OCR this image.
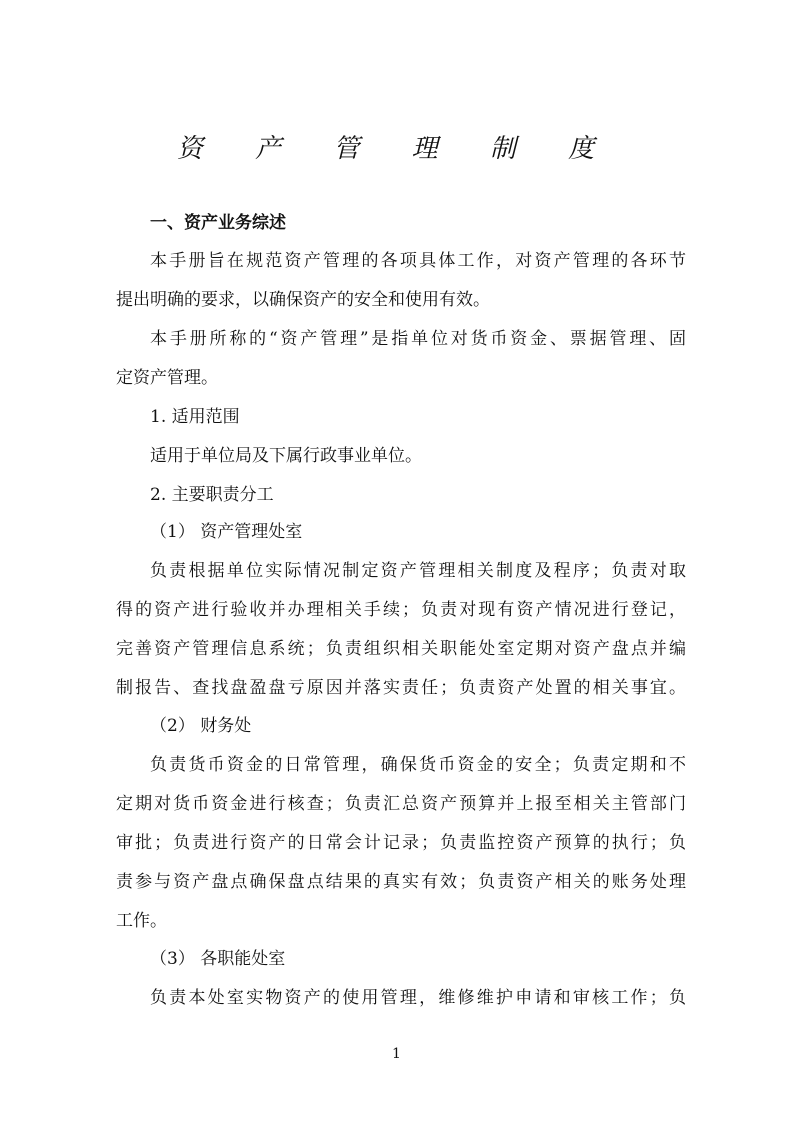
资 产 管 理 制 度
一、资产业务综述
本手册旨在规范资产管理的各项具体工作，对资产管理的各环节
提出明确的要求，以确保资产的安全和使用有效。
本手册所称的“资产管理”是指单位对货币资金、票据管理、固
定资产管理。
1. 适用范围
适用于单位局及下属行政事业单位。
2. 主要职责分工
（1） 资产管理处室
负责根据单位实际情况制定资产管理相关制度及程序；负责对取
得的资产进行验收并办理相关手续；负责对现有资产情况进行登记，
完善资产管理信息系统；负责组织相关职能处室定期对资产盘点并编
制报告、查找盘盈盘亏原因并落实责任；负责资产处置的相关事宜。
（2） 财务处
负责货币资金的日常管理，确保货币资金的安全；负责定期和不
定期对货币资金进行核查；负责汇总资产预算并上报至相关主管部门
审批；负责进行资产的日常会计记录；负责监控资产预算的执行；负
责参与资产盘点确保盘点结果的真实有效；负责资产相关的账务处理
工作。
（3） 各职能处室
负责本处室实物资产的使用管理，维修维护申请和审核工作；负
1
